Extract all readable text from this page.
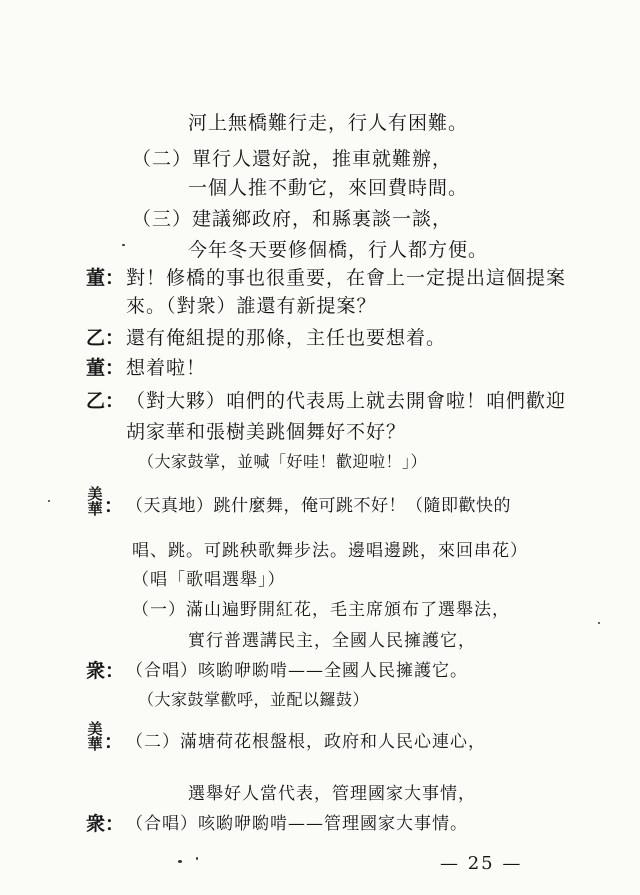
河上無橋難行走，行人有困難。
（二）單行人還好說，推車就難辦，
一個人推不動它，來回費時間。
（三）建議鄉政府，和縣裏談一談，
今年冬天要修個橋，行人都方便。
董： 對！修橋的事也很重要，在會上一定提出這個提案
來。（對衆）誰還有新提案？
乙： 還有俺組提的那條，主任也要想着。
董： 想着啦！
乙： （對大夥）咱們的代表馬上就去開會啦！咱們歡迎
胡家華和張樹美跳個舞好不好？
（大家鼓掌，並喊「好哇！歡迎啦！」）
美
華 ： （天真地）跳什麼舞，俺可跳不好！（隨即歡快的
唱、跳。可跳秧歌舞步法。邊唱邊跳，來回串花）
（唱「歌唱選舉」）
（一）滿山遍野開紅花，毛主席頒布了選舉法，
實行普選講民主，全國人民擁護它，
衆： （合唱）咳喲咿喲啃——全國人民擁護它。
（大家鼓掌歡呼，並配以鑼鼓）
美
華 ： （二）滿塘荷花根盤根，政府和人民心連心，
選舉好人當代表，管理國家大事情，
衆： （合唱）咳喲咿喲啃——管理國家大事情。
— 25 —
